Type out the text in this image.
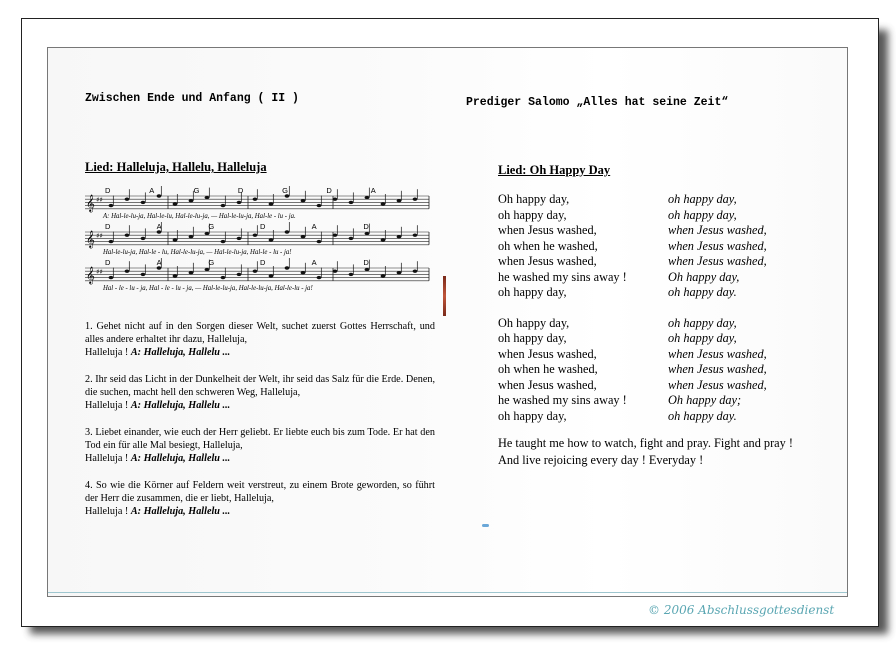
Zwischen Ende und Anfang ( II )	Prediger Salomo „Alles hat seine Zeit“
Lied: Halleluja, Hallelu, Halleluja
𝄞 ♯♯
D	A	G	D	G	D	A
A: Hal-le-lu-ja, Hal-le-lu, Hal-le-lu-ja, — Hal-le-lu-ja, Hal-le - lu - ja.
𝄞 ♯♯
D	A	G	D	A	D
Hal-le-lu-ja, Hal-le - lu, Hal-le-lu-ja, — Hal-le-lu-ja, Hal-le - lu - ja!
𝄞 ♯♯
D	A	G	D	A	D
Hal - le - lu - ja, Hal - le - lu - ja, — Hal-le-lu-ja, Hal-le-lu-ja, Hal-le-lu - ja!
1. Gehet nicht auf in den Sorgen dieser Welt, suchet zuerst Gottes Herrschaft, und alles andere erhaltet ihr dazu, Halleluja,
Halleluja ! A: Halleluja, Hallelu ...
2. Ihr seid das Licht in der Dunkelheit der Welt, ihr seid das Salz für die Erde. Denen, die suchen, macht hell den schweren Weg, Halleluja,
Halleluja ! A: Halleluja, Hallelu ...
3. Liebet einander, wie euch der Herr geliebt. Er liebte euch bis zum Tode. Er hat den Tod ein für alle Mal besiegt, Halleluja,
Halleluja ! A: Halleluja, Hallelu ...
4. So wie die Körner auf Feldern weit verstreut, zu einem Brote geworden, so führt der Herr die zusammen, die er liebt, Halleluja,
Halleluja ! A: Halleluja, Hallelu ...
Lied: Oh Happy Day
Oh happy day,	oh happy day,
oh happy day,	oh happy day,
when Jesus washed,	when Jesus washed,
oh when he washed,	when Jesus washed,
when Jesus washed,	when Jesus washed,
he washed my sins away !	Oh happy day,
oh happy day,	oh happy day.
Oh happy day,	oh happy day,
oh happy day,	oh happy day,
when Jesus washed,	when Jesus washed,
oh when he washed,	when Jesus washed,
when Jesus washed,	when Jesus washed,
he washed my sins away !	Oh happy day;
oh happy day,	oh happy day.
He taught me how to watch, fight and pray. Fight and pray ! And live rejoicing every day ! Everyday !
© 2006 Abschlussgottesdienst
